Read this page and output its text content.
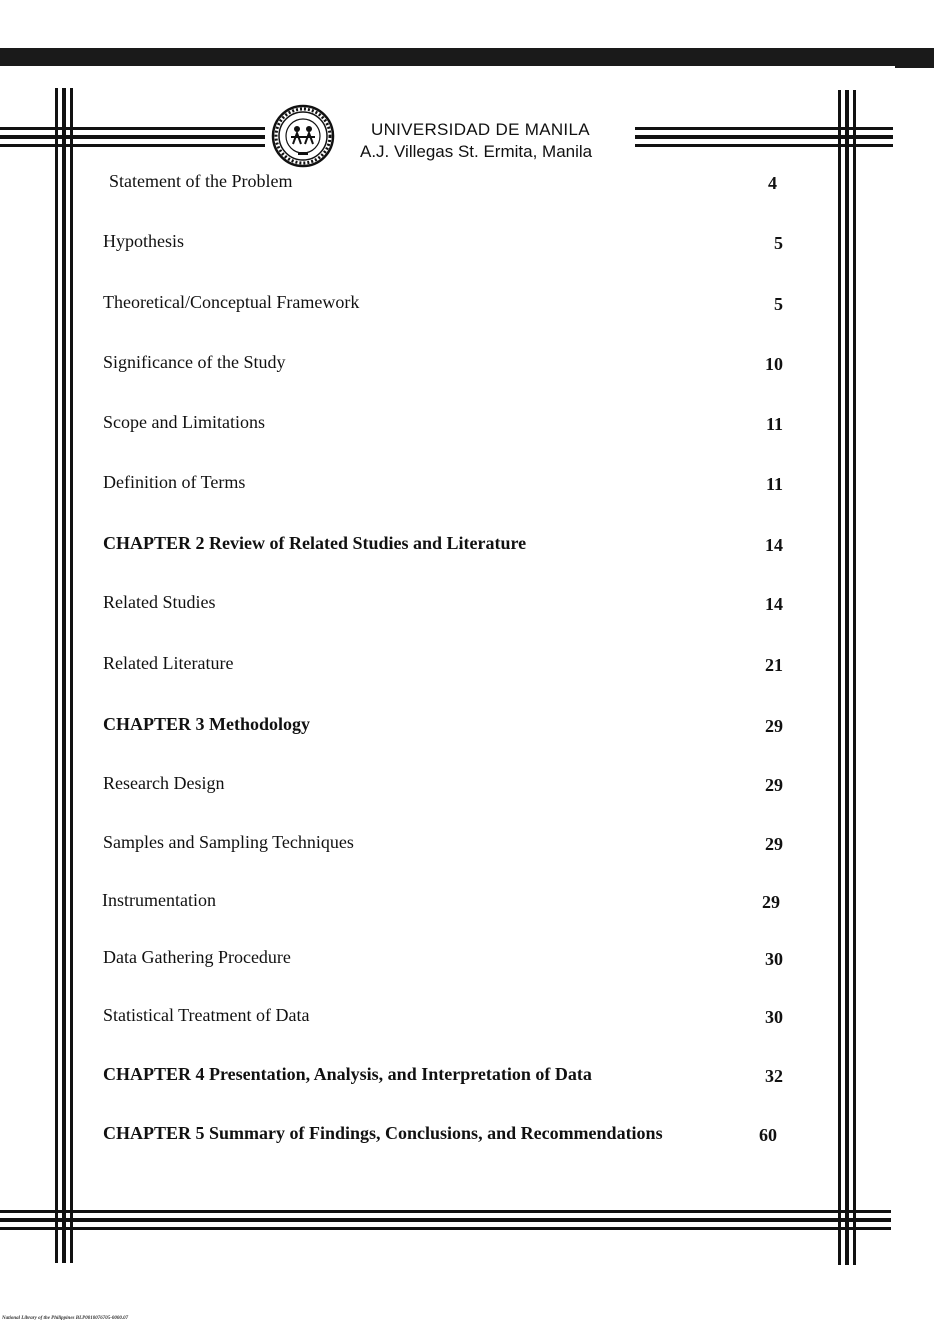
UNIVERSIDAD DE MANILA
A.J. Villegas St. Ermita, Manila
Statement of the Problem	4
Hypothesis	5
Theoretical/Conceptual Framework	5
Significance of the Study	10
Scope and Limitations	11
Definition of Terms	11
CHAPTER 2 Review of Related Studies and Literature	14
Related Studies	14
Related Literature	21
CHAPTER 3 Methodology	29
Research Design	29
Samples and Sampling Techniques	29
Instrumentation	29
Data Gathering Procedure	30
Statistical Treatment of Data	30
CHAPTER 4 Presentation, Analysis, and Interpretation of Data	32
CHAPTER 5 Summary of Findings, Conclusions, and Recommendations	60
National Library of the Philippines BLP0010076705-0000.07
